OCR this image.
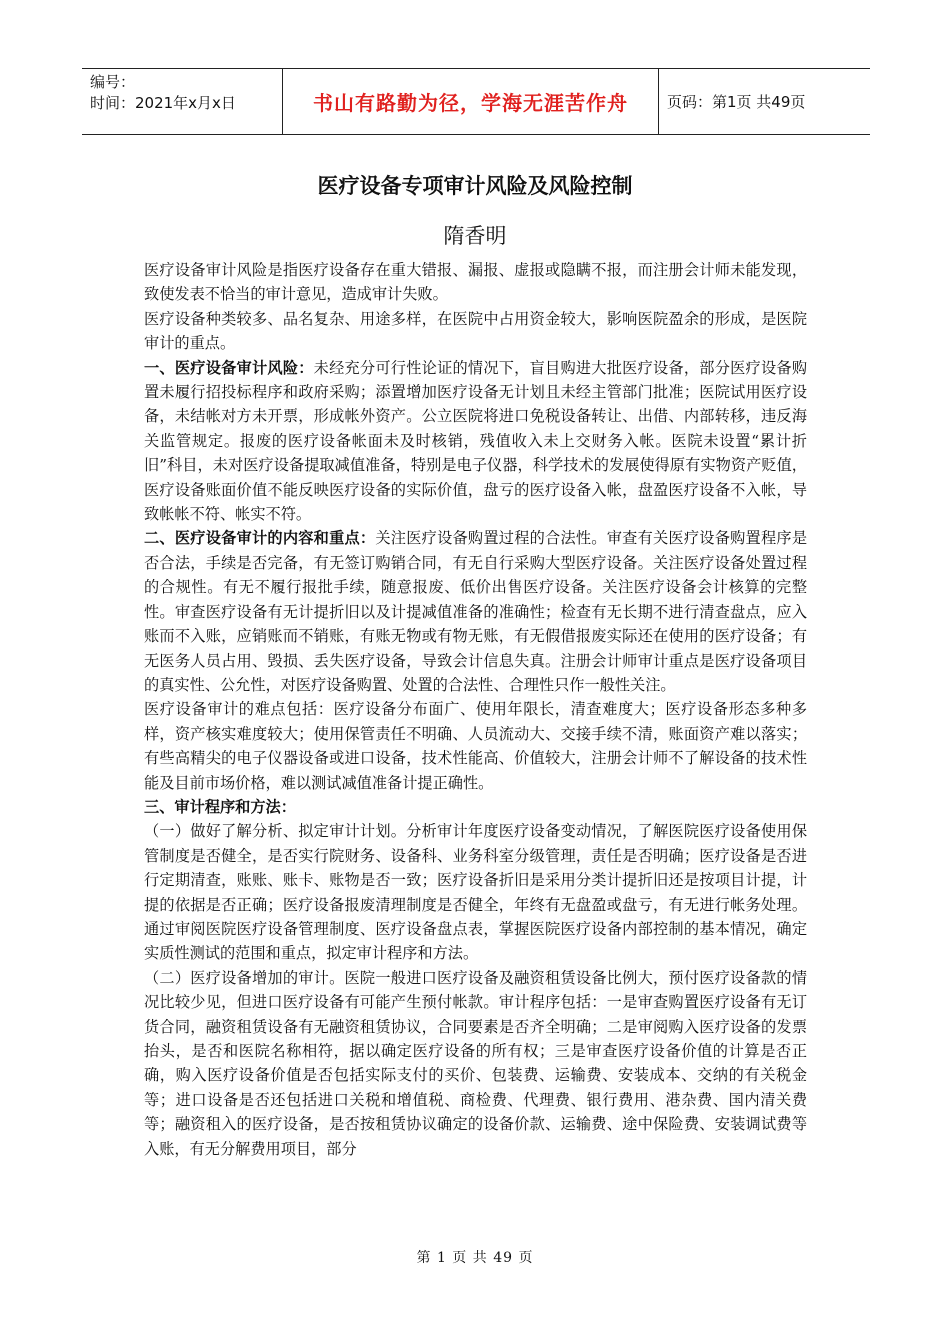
编号：
时间：2021年x月x日	书山有路勤为径，学海无涯苦作舟	页码：第1页 共49页
医疗设备专项审计风险及风险控制
隋香明

医疗设备审计风险是指医疗设备存在重大错报、漏报、虚报或隐瞒不报，而注册会计师未能发现，致使发表不恰当的审计意见，造成审计失败。

医疗设备种类较多、品名复杂、用途多样，在医院中占用资金较大，影响医院盈余的形成，是医院审计的重点。

一、医疗设备审计风险：未经充分可行性论证的情况下，盲目购进大批医疗设备，部分医疗设备购置未履行招投标程序和政府采购；添置增加医疗设备无计划且未经主管部门批准；医院试用医疗设备，未结帐对方未开票，形成帐外资产。公立医院将进口免税设备转让、出借、内部转移，违反海关监管规定。报废的医疗设备帐面未及时核销，残值收入未上交财务入帐。医院未设置“累计折旧”科目，未对医疗设备提取减值准备，特别是电子仪器，科学技术的发展使得原有实物资产贬值，医疗设备账面价值不能反映医疗设备的实际价值，盘亏的医疗设备入帐，盘盈医疗设备不入帐，导致帐帐不符、帐实不符。

二、医疗设备审计的内容和重点：关注医疗设备购置过程的合法性。审查有关医疗设备购置程序是否合法，手续是否完备，有无签订购销合同，有无自行采购大型医疗设备。关注医疗设备处置过程的合规性。有无不履行报批手续，随意报废、低价出售医疗设备。关注医疗设备会计核算的完整性。审查医疗设备有无计提折旧以及计提减值准备的准确性；检查有无长期不进行清查盘点，应入账而不入账，应销账而不销账，有账无物或有物无账，有无假借报废实际还在使用的医疗设备；有无医务人员占用、毁损、丢失医疗设备，导致会计信息失真。注册会计师审计重点是医疗设备项目的真实性、公允性，对医疗设备购置、处置的合法性、合理性只作一般性关注。

医疗设备审计的难点包括：医疗设备分布面广、使用年限长，清查难度大；医疗设备形态多种多样，资产核实难度较大；使用保管责任不明确、人员流动大、交接手续不清，账面资产难以落实；有些高精尖的电子仪器设备或进口设备，技术性能高、价值较大，注册会计师不了解设备的技术性能及目前市场价格，难以测试减值准备计提正确性。

三、审计程序和方法：

（一）做好了解分析、拟定审计计划。分析审计年度医疗设备变动情况，了解医院医疗设备使用保管制度是否健全，是否实行院财务、设备科、业务科室分级管理，责任是否明确；医疗设备是否进行定期清查，账账、账卡、账物是否一致；医疗设备折旧是采用分类计提折旧还是按项目计提，计提的依据是否正确；医疗设备报废清理制度是否健全，年终有无盘盈或盘亏，有无进行帐务处理。通过审阅医院医疗设备管理制度、医疗设备盘点表，掌握医院医疗设备内部控制的基本情况，确定实质性测试的范围和重点，拟定审计程序和方法。

（二）医疗设备增加的审计。医院一般进口医疗设备及融资租赁设备比例大，预付医疗设备款的情况比较少见，但进口医疗设备有可能产生预付帐款。审计程序包括：一是审查购置医疗设备有无订货合同，融资租赁设备有无融资租赁协议，合同要素是否齐全明确；二是审阅购入医疗设备的发票抬头，是否和医院名称相符，据以确定医疗设备的所有权；三是审查医疗设备价值的计算是否正确，购入医疗设备价值是否包括实际支付的买价、包装费、运输费、安装成本、交纳的有关税金等；进口设备是否还包括进口关税和增值税、商检费、代理费、银行费用、港杂费、国内清关费等；融资租入的医疗设备，是否按租赁协议确定的设备价款、运输费、途中保险费、安装调试费等入账，有无分解费用项目，部分

第 1 页 共 49 页
